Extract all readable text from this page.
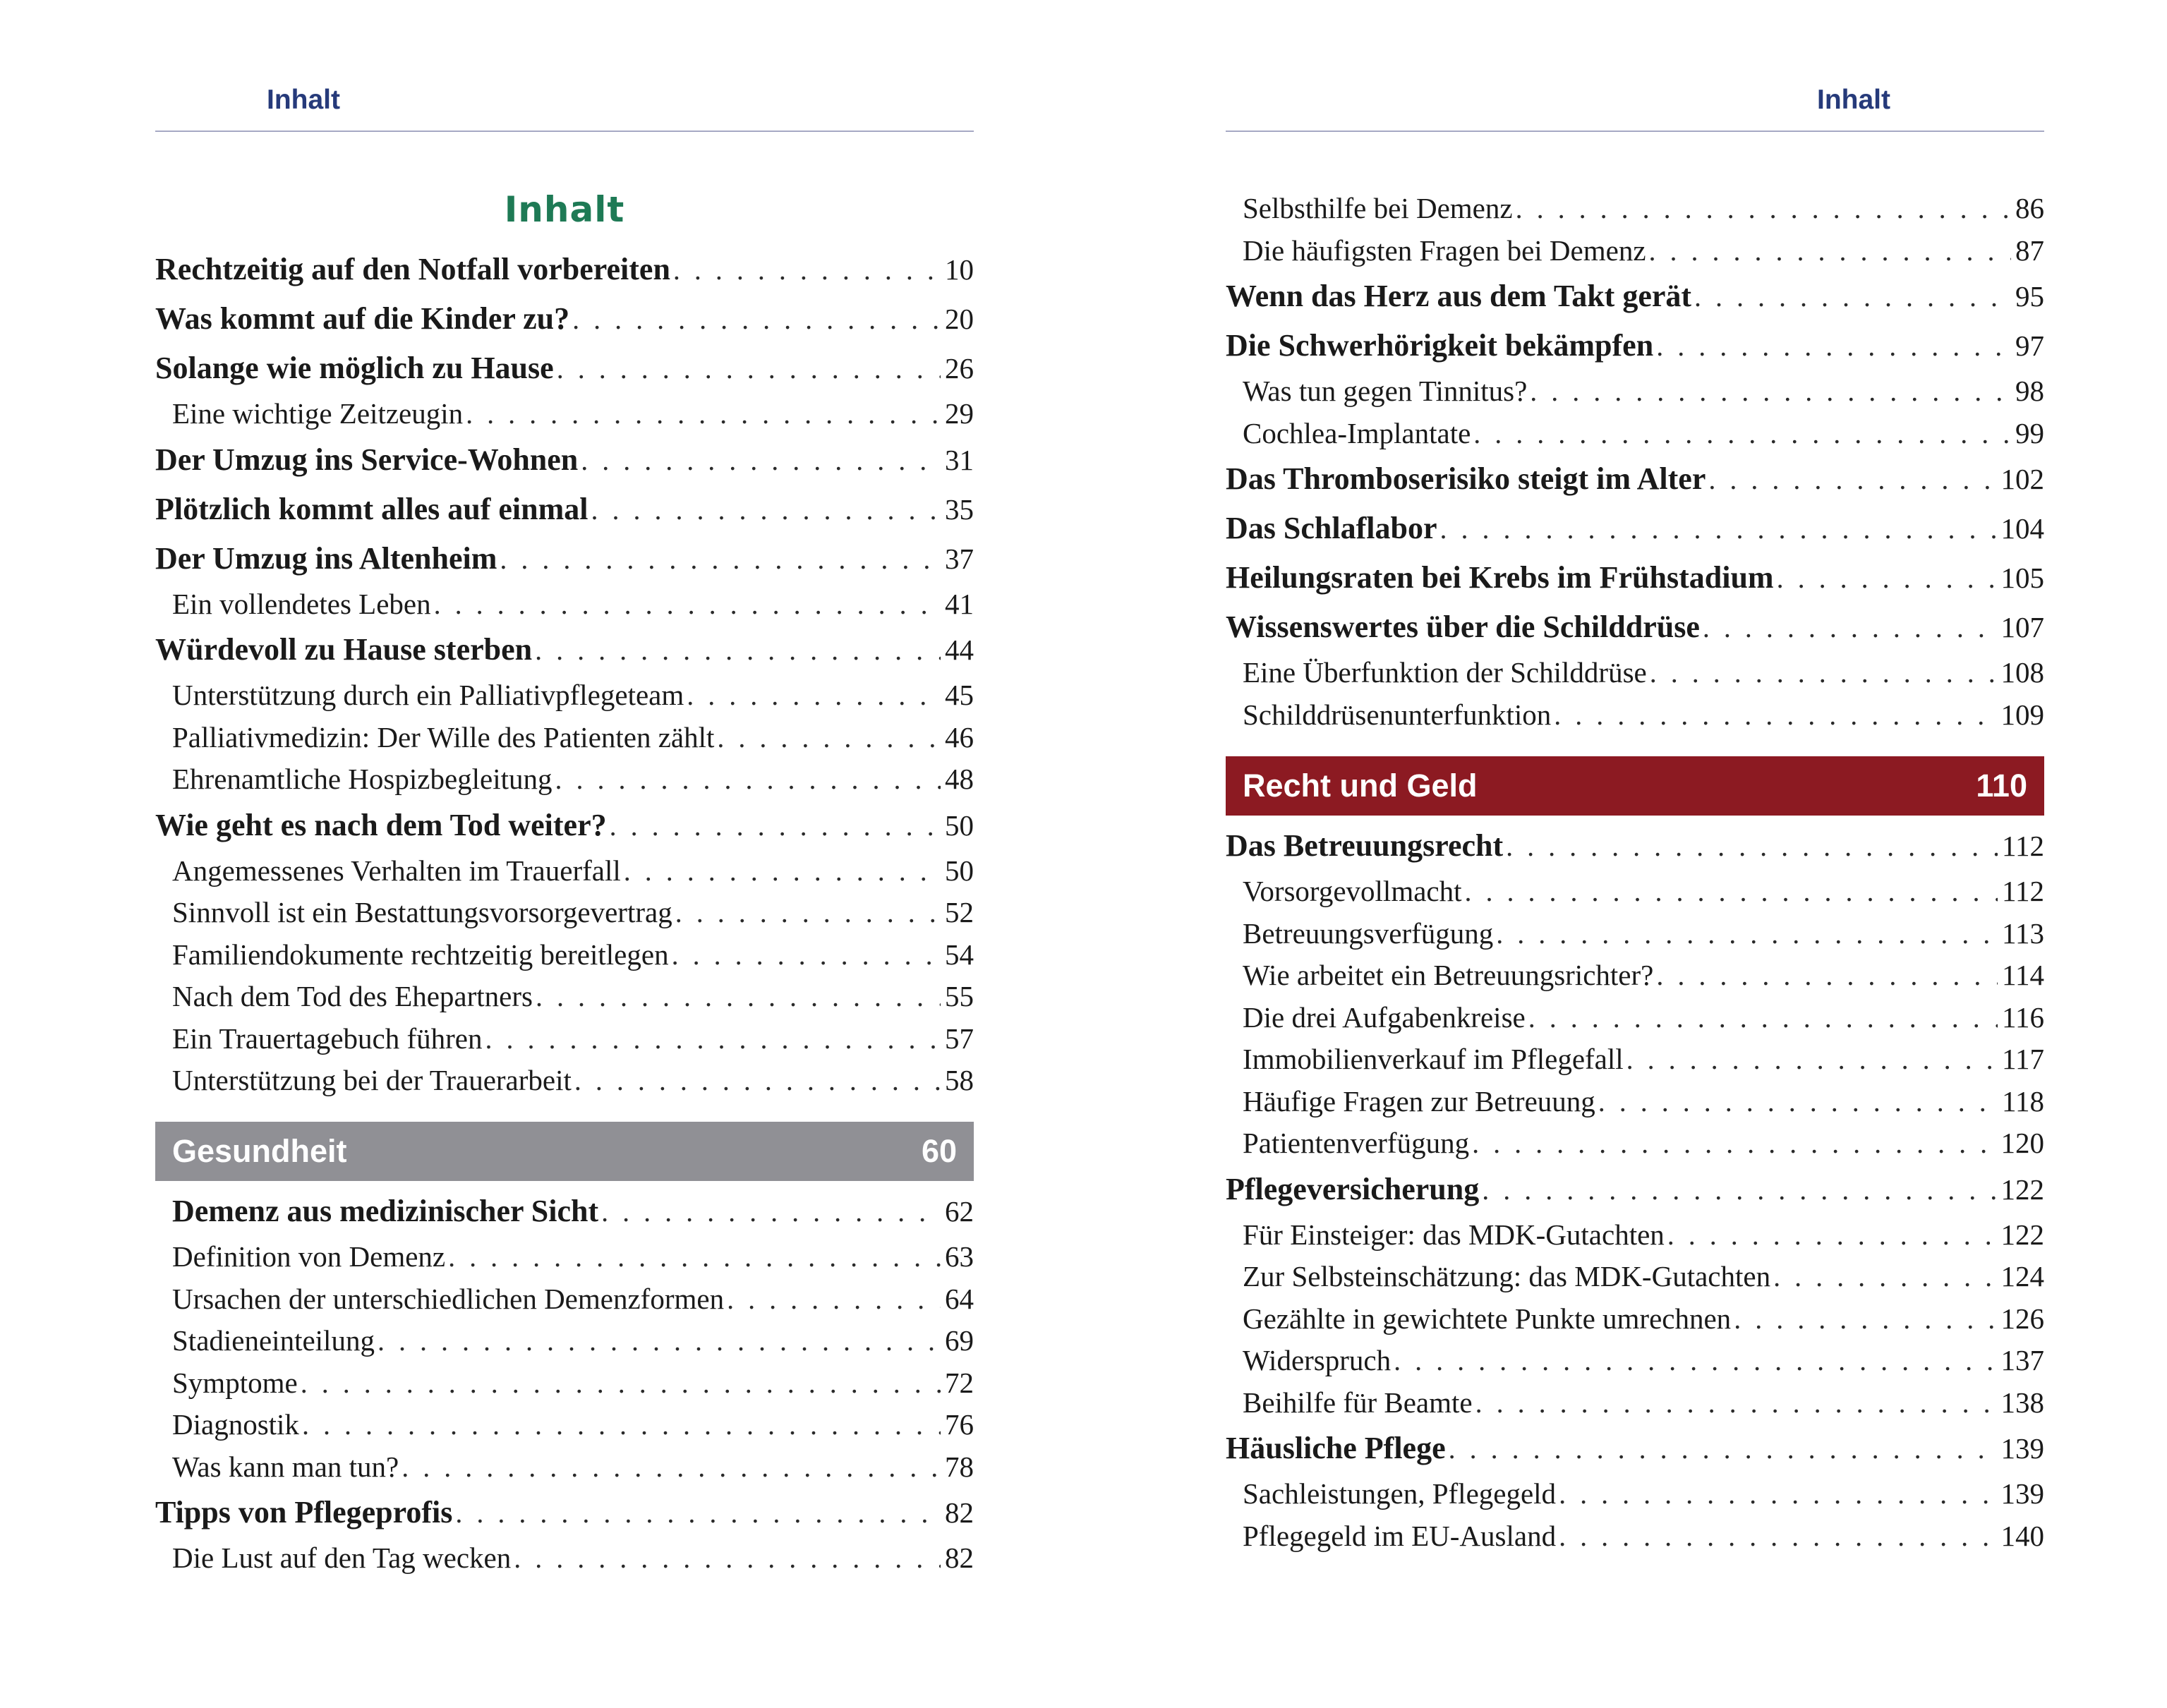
Inhalt
Inhalt
Rechtzeitig auf den Notfall vorbereiten . . .	10
Was kommt auf die Kinder zu? . . .	20
Solange wie möglich zu Hause . . .	26
Eine wichtige Zeitzeugin . . .	29
Der Umzug ins Service-Wohnen . . .	31
Plötzlich kommt alles auf einmal . . .	35
Der Umzug ins Altenheim . . .	37
Ein vollendetes Leben . . .	41
Würdevoll zu Hause sterben . . .	44
Unterstützung durch ein Palliativpflegeteam . . .	45
Palliativmedizin: Der Wille des Patienten zählt . . .	46
Ehrenamtliche Hospizbegleitung . . .	48
Wie geht es nach dem Tod weiter? . . .	50
Angemessenes Verhalten im Trauerfall . . .	50
Sinnvoll ist ein Bestattungsvorsorgevertrag . . .	52
Familiendokumente rechtzeitig bereitlegen . . .	54
Nach dem Tod des Ehepartners . . .	55
Ein Trauertagebuch führen . . .	57
Unterstützung bei der Trauerarbeit . . .	58
Gesundheit	60
Demenz aus medizinischer Sicht . . .	62
Definition von Demenz . . .	63
Ursachen der unterschiedlichen Demenzformen . . .	64
Stadieneinteilung . . .	69
Symptome . . .	72
Diagnostik . . .	76
Was kann man tun? . . .	78
Tipps von Pflegeprofis . . .	82
Die Lust auf den Tag wecken . . .	82
Inhalt
Selbsthilfe bei Demenz . . .	86
Die häufigsten Fragen bei Demenz . . .	87
Wenn das Herz aus dem Takt gerät . . .	95
Die Schwerhörigkeit bekämpfen . . .	97
Was tun gegen Tinnitus? . . .	98
Cochlea-Implantate . . .	99
Das Thromboserisiko steigt im Alter . . .	102
Das Schlaflabor . . .	104
Heilungsraten bei Krebs im Frühstadium . . .	105
Wissenswertes über die Schilddrüse . . .	107
Eine Überfunktion der Schilddrüse . . .	108
Schilddrüsenunterfunktion . . .	109
Recht und Geld	110
Das Betreuungsrecht . . .	112
Vorsorgevollmacht . . .	112
Betreuungsverfügung . . .	113
Wie arbeitet ein Betreuungsrichter? . . .	114
Die drei Aufgabenkreise . . .	116
Immobilienverkauf im Pflegefall . . .	117
Häufige Fragen zur Betreuung . . .	118
Patientenverfügung . . .	120
Pflegeversicherung . . .	122
Für Einsteiger: das MDK-Gutachten . . .	122
Zur Selbsteinschätzung: das MDK-Gutachten . . .	124
Gezählte in gewichtete Punkte umrechnen . . .	126
Widerspruch . . .	137
Beihilfe für Beamte . . .	138
Häusliche Pflege . . .	139
Sachleistungen, Pflegegeld . . .	139
Pflegegeld im EU-Ausland . . .	140
